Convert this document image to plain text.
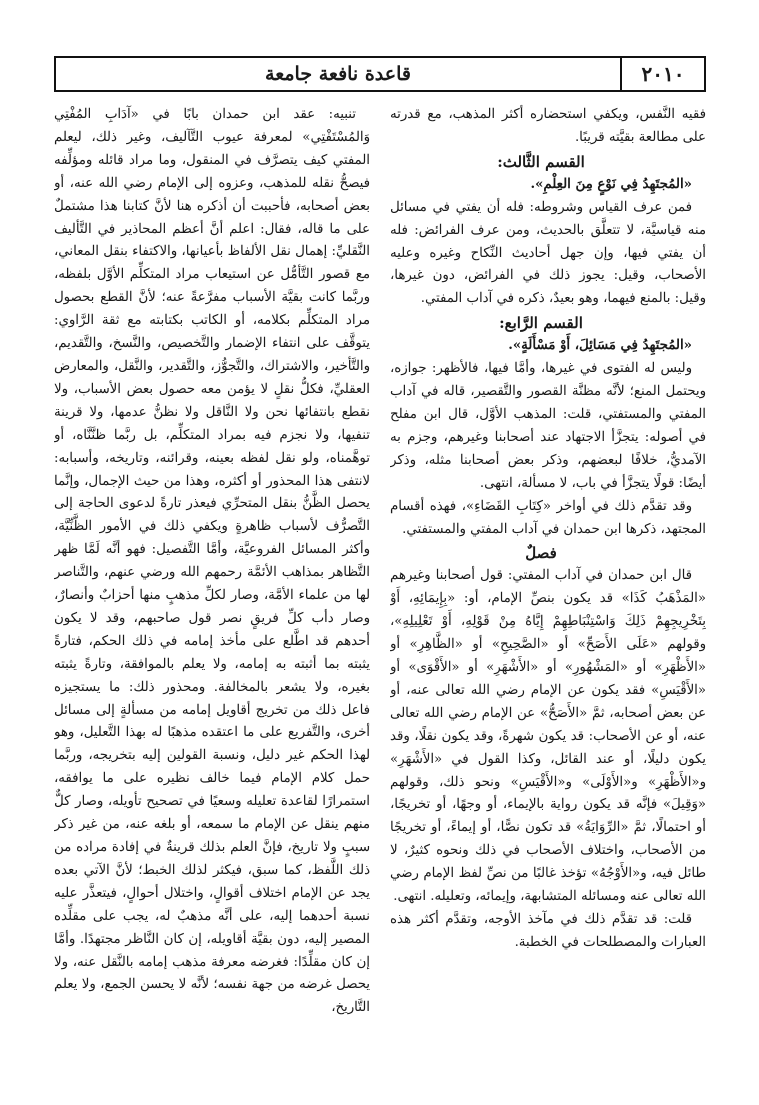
٢٠١٠
قاعدة نافعة جامعة

فقيه النَّفس، ويكفي استحضاره أكثر المذهب، مع قدرته على مطالعة بقيَّته قريبًا.

القسم الثَّالث:

«المُجتَهِدُ فِي نَوْعٍ مِنَ العِلْمِ».

فمن عرف القياس وشروطه: فله أن يفتي في مسائل منه قياسيَّة، لا تتعلَّق بالحديث، ومن عرف الفرائض: فله أن يفتي فيها، وإن جهل أحاديث النِّكاح وغيره وعليه الأصحاب، وقيل: يجوز ذلك في الفرائض، دون غيرها، وقيل: بالمنع فيهما، وهو بعيدٌ، ذكره في آداب المفتي.

القسم الرَّابع:

«المُجتَهِدُ فِي مَسَائِلَ، أَوْ مَسْأَلَةٍ».

وليس له الفتوى في غيرها، وأمَّا فيها، فالأظهر: جوازه، ويحتمل المنع؛ لأنَّه مظنَّة القصور والتَّقصير، قاله في آداب المفتي والمستفتي، قلت: المذهب الأوَّل، قال ابن مفلح في أصوله: يتجزَّأ الاجتهاد عند أصحابنا وغيرهم، وجزم به الآمديُّ، خلافًا لبعضهم، وذكر بعض أصحابنا مثله، وذكر أيضًا: قولًا يتجزَّأ في باب، لا مسألة، انتهى.

وقد تقدَّم ذلك في أواخر «كِتَابِ القَضَاءِ»، فهذه أقسام المجتهد، ذكرها ابن حمدان في آداب المفتي والمستفتي.

فصلٌ

قال ابن حمدان في آداب المفتي: قول أصحابنا وغيرهم «المَذْهَبُ كَذَا» قد يكون بنصِّ الإمام، أو: «بِإِيمَائِهِ، أَوْ بِتَخْرِيجِهِمْ ذَلِكَ وَاسْتِنْبَاطِهِمْ إِيَّاهُ مِنْ قَوْلِهِ، أَوْ تَعْلِيلِهِ»، وقولهم «عَلَى الأَصَحِّ» أو «الصَّحِيحِ» أو «الظَّاهِرِ» أو «الأَظْهَرِ» أو «المَشْهُورِ» أو «الأَشْهَرِ» أو «الأَقْوَى» أو «الأَقْيَسِ» فقد يكون عن الإمام رضي الله تعالى عنه، أو عن بعض أصحابه، ثمَّ «الأَصَحُّ» عن الإمام رضي الله تعالى عنه، أو عن الأصحاب: قد يكون شهرةً، وقد يكون نقلًا، وقد يكون دليلًا، أو عند القائل، وكذا القول في «الأَشْهَرِ» و«الأَظْهَرِ» و«الأَوْلَى» و«الأَقْيَسِ» ونحو ذلك، وقولهم «وَقِيلَ» فإنَّه قد يكون رواية بالإيماء، أو وجهًا، أو تخريجًا، أو احتمالًا، ثمَّ «الرِّوَايَةُ» قد تكون نصًّا، أو إيماءً، أو تخريجًا من الأصحاب، واختلاف الأصحاب في ذلك ونحوه كثيرٌ، لا طائل فيه، و«الأَوْجُهُ» تؤخذ غالبًا من نصِّ لفظ الإمام رضي الله تعالى عنه ومسائله المتشابهة، وإيمائه، وتعليله. انتهى.

قلت: قد تقدَّم ذلك في مآخذ الأوجه، وتقدَّم أكثر هذه العبارات والمصطلحات في الخطبة.

تنبيه: عقد ابن حمدان بابًا في «آدَابِ المُفْتِي وَالمُسْتَفْتِي» لمعرفة عيوب التَّآليف، وغير ذلك، ليعلم المفتي كيف يتصرَّف في المنقول، وما مراد قائله ومؤلِّفه فيصحُّ نقله للمذهب، وعزوه إلى الإمام رضي الله عنه، أو بعض أصحابه، فأحببت أن أذكره هنا لأنَّ كتابنا هذا مشتملٌ على ما قاله، فقال: اعلم أنَّ أعظم المحاذير في التَّأليف النَّقليِّ: إهمال نقل الألفاظ بأعيانها، والاكتفاء بنقل المعاني، مع قصور التَّأمُّل عن استيعاب مراد المتكلِّم الأوَّل بلفظه، وربَّما كانت بقيَّة الأسباب مفرَّعةً عنه؛ لأنَّ القطع بحصول مراد المتكلِّم بكلامه، أو الكاتب بكتابته مع ثقة الرَّاوي: يتوقَّف على انتفاء الإضمار والتَّخصيص، والنَّسخ، والتَّقديم، والتَّأخير، والاشتراك، والتَّجوُّز، والتَّقدير، والنَّقل، والمعارض العقليِّ، فكلُّ نقلٍ لا يؤمن معه حصول بعض الأسباب، ولا نقطع بانتفائها نحن ولا النَّاقل ولا نظنُّ عدمها، ولا قرينة تنفيها، ولا نجزم فيه بمراد المتكلِّم، بل ربَّما ظنَّنَّاه، أو توهَّمناه، ولو نقل لفظه بعينه، وقرائنه، وتاريخه، وأسبابه: لانتفى هذا المحذور أو أكثره، وهذا من حيث الإجمال، وإنَّما يحصل الظَّنُّ بنقل المتحرِّي فيعذر تارةً لدعوى الحاجة إلى التَّصرُّف لأسباب ظاهرةٍ ويكفي ذلك في الأمور الظَّنِّيَّة، وأكثر المسائل الفروعيَّة، وأمَّا التَّفصيل: فهو أنَّه لَمَّا ظهر التَّظاهر بمذاهب الأئمَّة رحمهم الله ورضي عنهم، والتَّناصر لها من علماء الأمَّة، وصار لكلِّ مذهبٍ منها أحزابٌ وأنصارٌ، وصار دأب كلِّ فريقٍ نصر قول صاحبهم، وقد لا يكون أحدهم قد اطَّلع على مأخذ إمامه في ذلك الحكم، فتارةً يثبته بما أثبته به إمامه، ولا يعلم بالموافقة، وتارةً يثبته بغيره، ولا يشعر بالمخالفة. ومحذور ذلك: ما يستجيزه فاعل ذلك من تخريج أقاويل إمامه من مسألةٍ إلى مسائل أخرى، والتَّفريع على ما اعتقده مذهبًا له بهذا التَّعليل، وهو لهذا الحكم غير دليل، ونسبة القولين إليه بتخريجه، وربَّما حمل كلام الإمام فيما خالف نظيره على ما يوافقه، استمرارًا لقاعدة تعليله وسعيًا في تصحيح تأويله، وصار كلٌّ منهم ينقل عن الإمام ما سمعه، أو بلغه عنه، من غير ذكر سببٍ ولا تاريخ، فإنَّ العلم بذلك قرينةٌ في إفادة مراده من ذلك اللَّفظ، كما سبق، فيكثر لذلك الخبط؛ لأنَّ الآتي بعده يجد عن الإمام اختلاف أقوالٍ، واختلال أحوالٍ، فيتعذَّر عليه نسبة أحدهما إليه، على أنَّه مذهبٌ له، يجب على مقلِّده المصير إليه، دون بقيَّة أقاويله، إن كان النَّاظر مجتهدًا. وأمَّا إن كان مقلِّدًا: فغرضه معرفة مذهب إمامه بالنَّقل عنه، ولا يحصل غرضه من جهة نفسه؛ لأنَّه لا يحسن الجمع، ولا يعلم التَّاريخ،
